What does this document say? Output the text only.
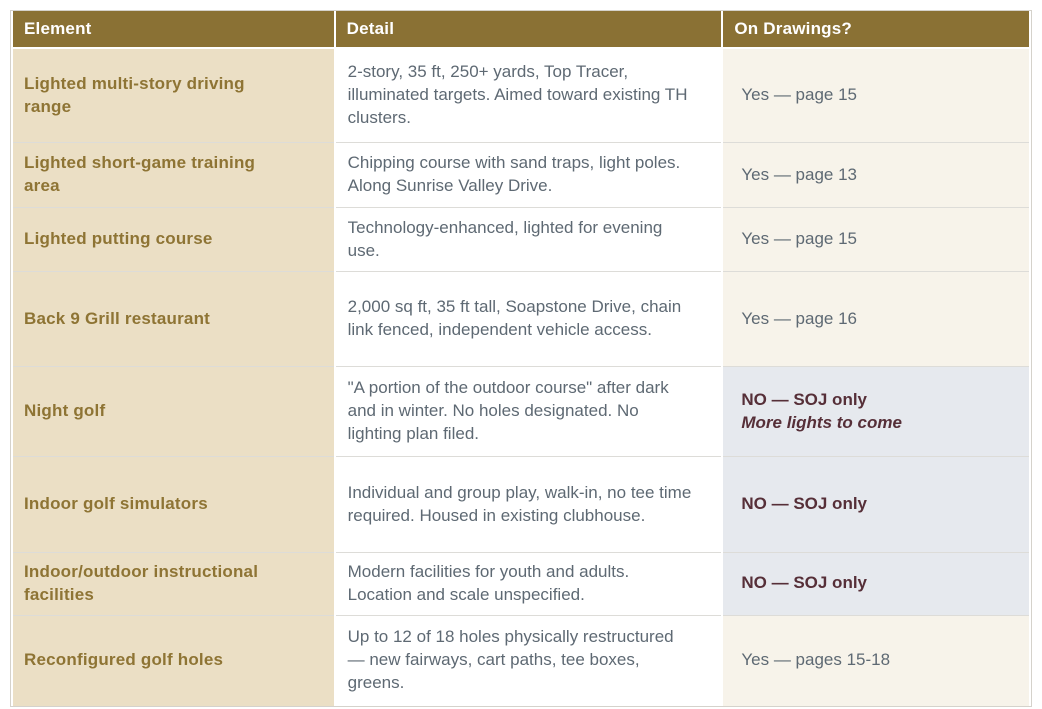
Element	Detail	On Drawings?
Lighted multi-story driving range	2-story, 35 ft, 250+ yards, Top Tracer, illuminated targets. Aimed toward existing TH clusters.	Yes — page 15

Lighted short-game training area	Chipping course with sand traps, light poles. Along Sunrise Valley Drive.	Yes — page 13

Lighted putting course	Technology-enhanced, lighted for evening use.	Yes — page 15

Back 9 Grill restaurant	2,000 sq ft, 35 ft tall, Soapstone Drive, chain link fenced, independent vehicle access.	Yes — page 16

Night golf	"A portion of the outdoor course" after dark and in winter. No holes designated. No lighting plan filed.	NO — SOJ only
More lights to come

Indoor golf simulators	Individual and group play, walk-in, no tee time required. Housed in existing clubhouse.	NO — SOJ only

Indoor/outdoor instructional facilities	Modern facilities for youth and adults. Location and scale unspecified.	NO — SOJ only

Reconfigured golf holes	Up to 12 of 18 holes physically restructured — new fairways, cart paths, tee boxes, greens.	Yes — pages 15-18
